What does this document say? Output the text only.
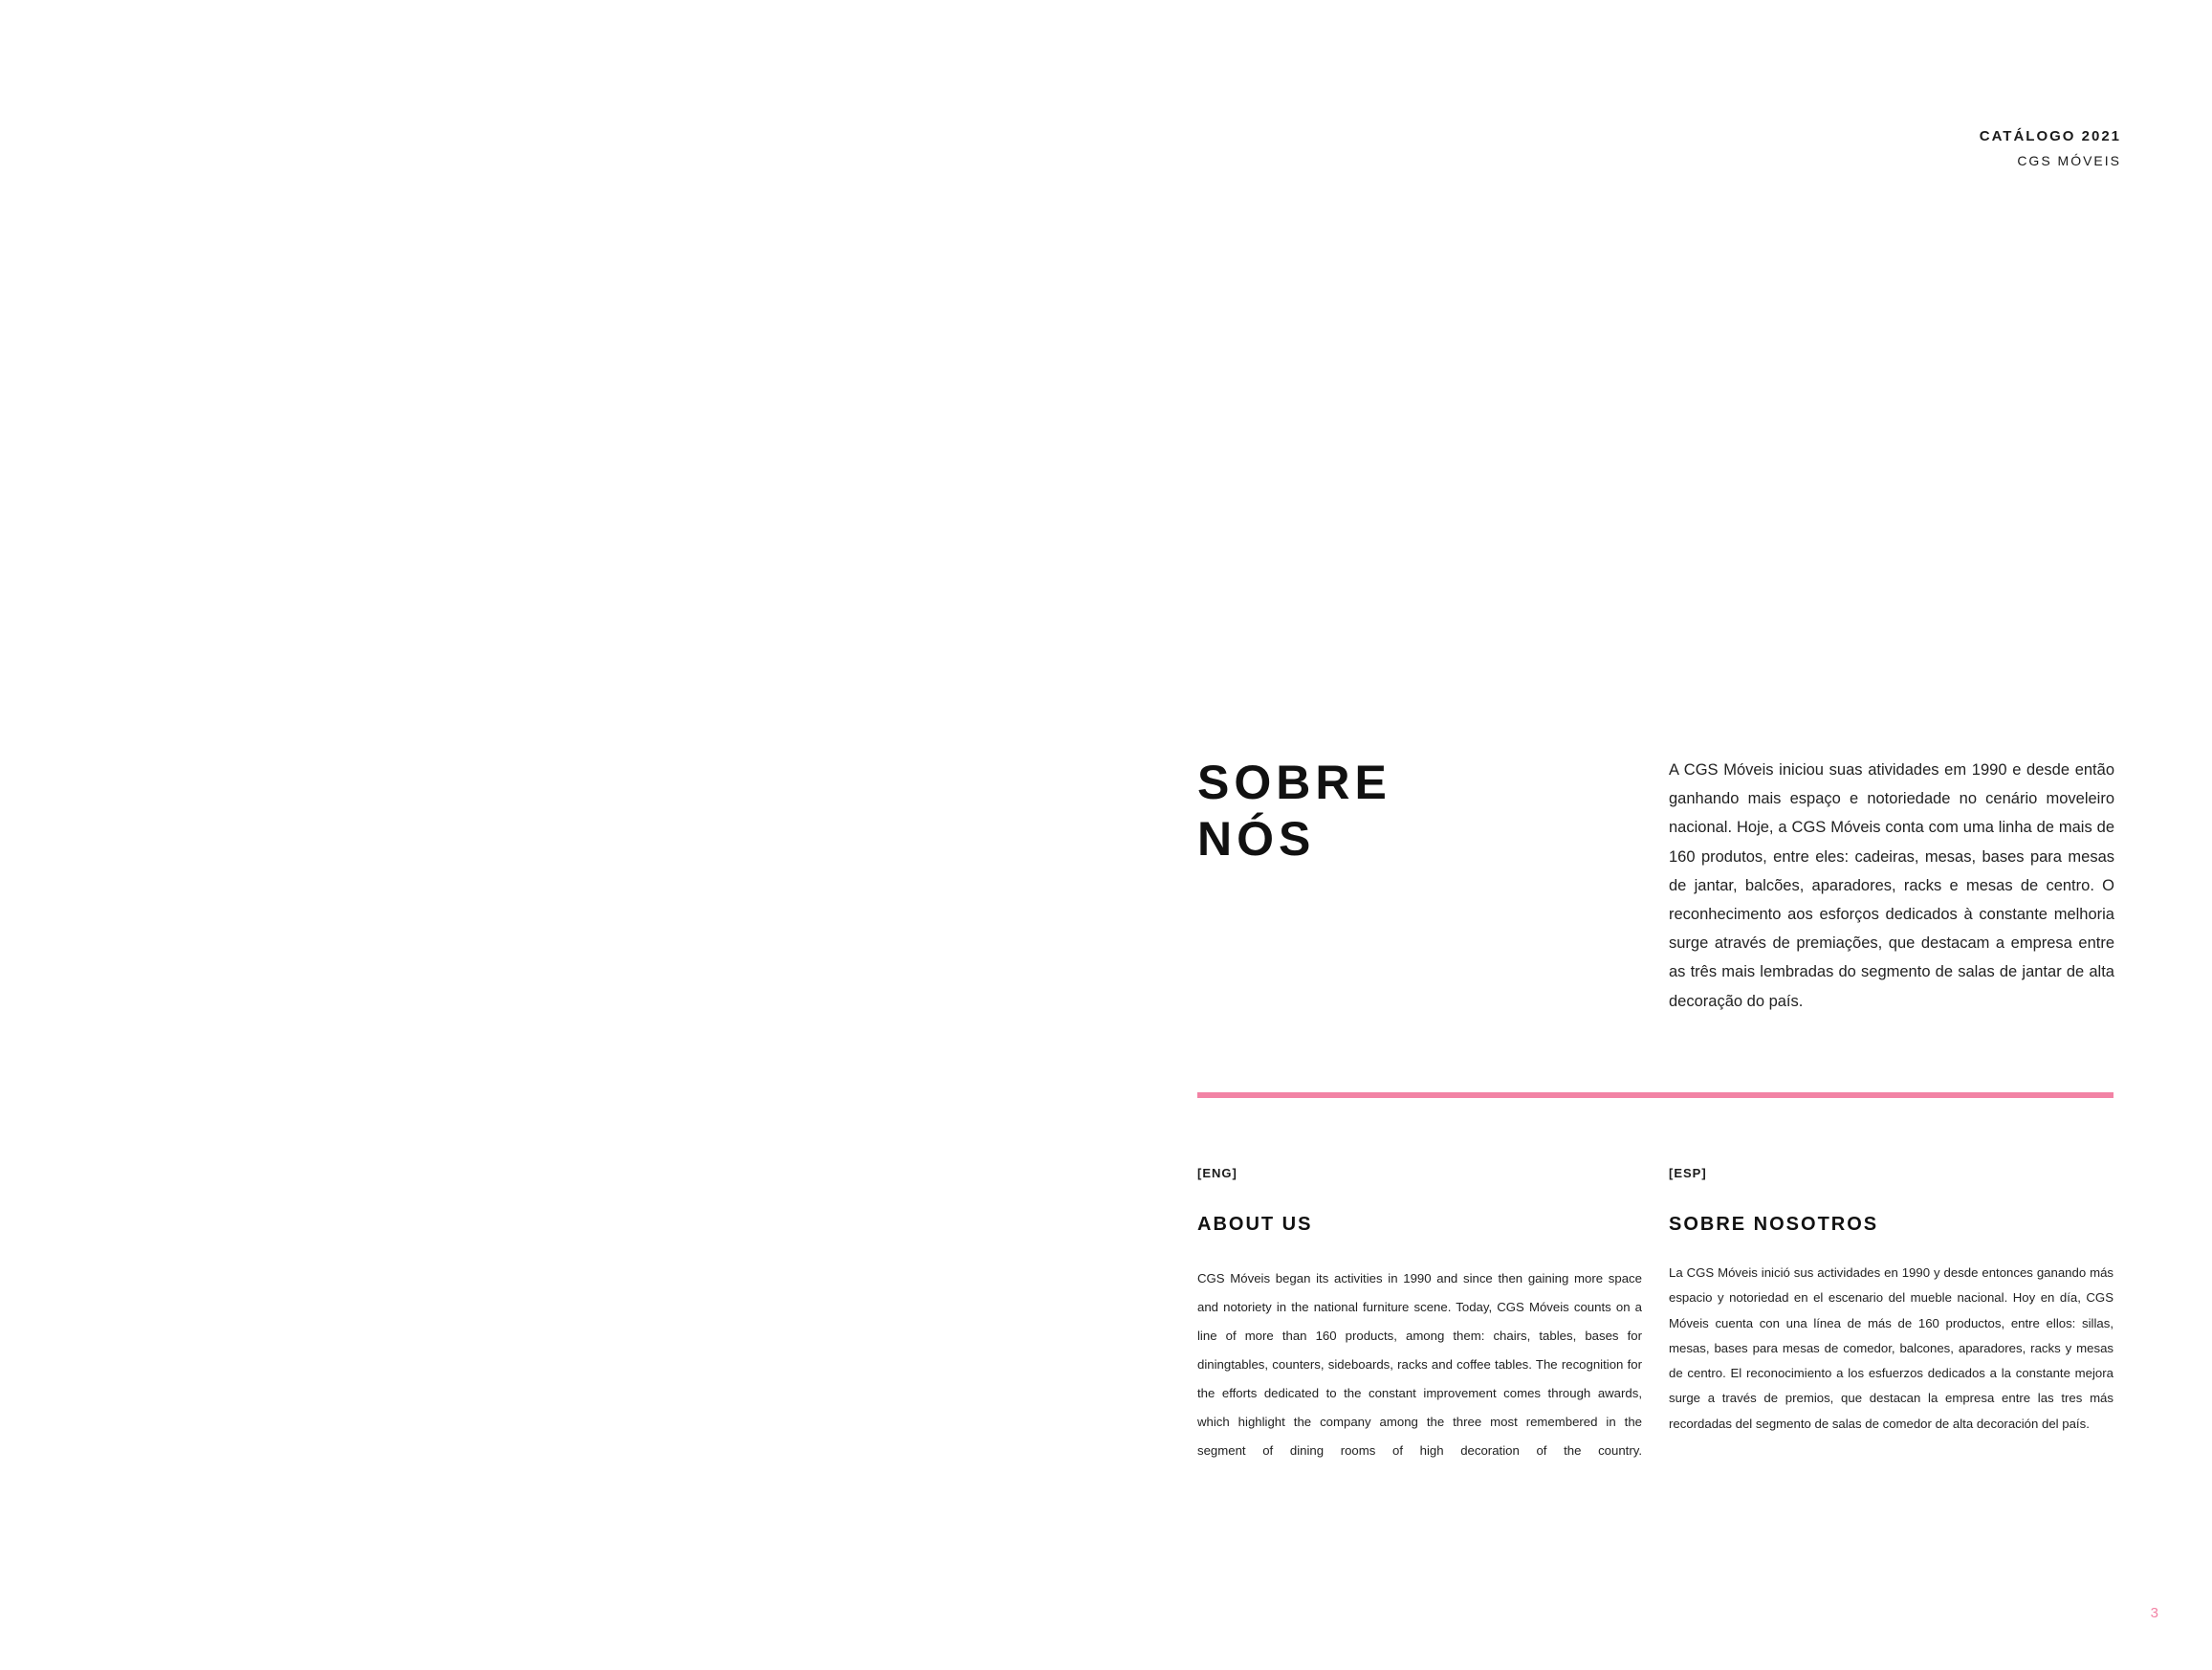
CATÁLOGO 2021
CGS MÓVEIS
SOBRE
NÓS

A CGS Móveis iniciou suas atividades em 1990 e desde então ganhando mais espaço e notoriedade no cenário moveleiro nacional. Hoje, a CGS Móveis conta com uma linha de mais de 160 produtos, entre eles: cadeiras, mesas, bases para mesas de jantar, balcões, aparadores, racks e mesas de centro. O reconhecimento aos esforços dedicados à constante melhoria surge através de premiações, que destacam a empresa entre as três mais lembradas do segmento de salas de jantar de alta decoração do país.

[ENG]

ABOUT US

CGS Móveis began its activities in 1990 and since then gaining more space and notoriety in the national furniture scene. Today, CGS Móveis counts on a line of more than 160 products, among them: chairs, tables, bases for diningtables, counters, sideboards, racks and coffee tables. The recognition for the efforts dedicated to the constant improvement comes through awards, which highlight the company among the three most remembered in the segment of dining rooms of high decoration of the country.

[ESP]

SOBRE NOSOTROS

La CGS Móveis inició sus actividades en 1990 y desde entonces ganando más espacio y notoriedad en el escenario del mueble nacional. Hoy en día, CGS Móveis cuenta con una línea de más de 160 productos, entre ellos: sillas, mesas, bases para mesas de comedor, balcones, aparadores, racks y mesas de centro. El reconocimiento a los esfuerzos dedicados a la constante mejora surge a través de premios, que destacan la empresa entre las tres más recordadas del segmento de salas de comedor de alta decoración del país.

3
